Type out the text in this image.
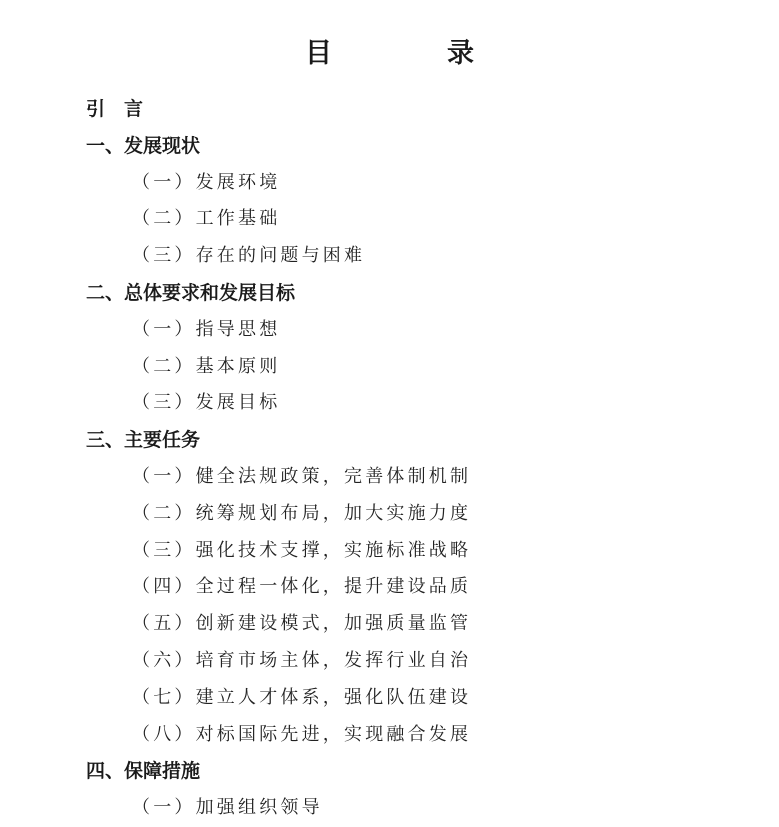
目　录
引　言
一、发展现状
（一）发展环境
（二）工作基础
（三）存在的问题与困难
二、总体要求和发展目标
（一）指导思想
（二）基本原则
（三）发展目标
三、主要任务
（一）健全法规政策，完善体制机制
（二）统筹规划布局，加大实施力度
（三）强化技术支撑，实施标准战略
（四）全过程一体化，提升建设品质
（五）创新建设模式，加强质量监管
（六）培育市场主体，发挥行业自治
（七）建立人才体系，强化队伍建设
（八）对标国际先进，实现融合发展
四、保障措施
（一）加强组织领导
